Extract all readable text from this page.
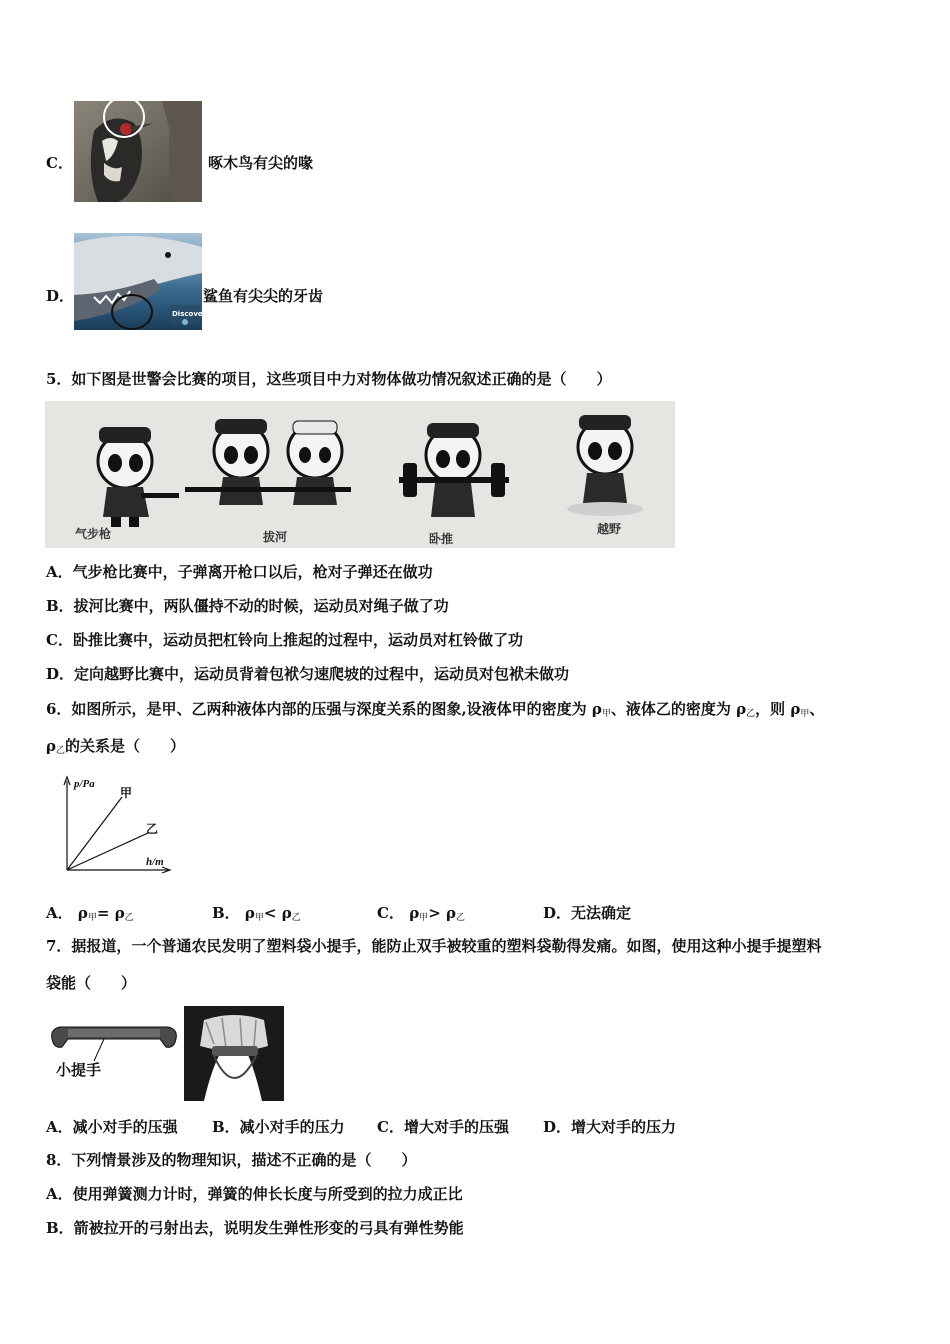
C．	啄木鸟有尖的喙
D．
Discovery
鲨鱼有尖尖的牙齿
5．如下图是世警会比赛的项目，这些项目中力对物体做功情况叙述正确的是（　　）
气步枪	拔河	卧推
越野
A．气步枪比赛中，子弹离开枪口以后，枪对子弹还在做功
B．拔河比赛中，两队僵持不动的时候，运动员对绳子做了功
C．卧推比赛中，运动员把杠铃向上推起的过程中，运动员对杠铃做了功
D．定向越野比赛中，运动员背着包袱匀速爬坡的过程中，运动员对包袱未做功
6．如图所示，是甲、乙两种液体内部的压强与深度关系的图象,设液体甲的密度为 $\rho_甲$、液体乙的密度为 $\rho_乙$，则 $\rho_甲$、
$\rho_乙$的关系是（　　）
p/Pa
h/m
甲
乙
A． $\rho_甲= \rho_乙$	B． $\rho_甲< \rho_乙$	C． $\rho_甲> \rho_乙$	D．无法确定
7．据报道，一个普通农民发明了塑料袋小提手，能防止双手被较重的塑料袋勒得发痛。如图，使用这种小提手提塑料
袋能（　　）
小提手
A．减小对手的压强 B．减小对手的压力 C．增大对手的压强 D．增大对手的压力
8．下列情景涉及的物理知识，描述不正确的是（　　）
A．使用弹簧测力计时，弹簧的伸长长度与所受到的拉力成正比
B．箭被拉开的弓射出去，说明发生弹性形变的弓具有弹性势能
